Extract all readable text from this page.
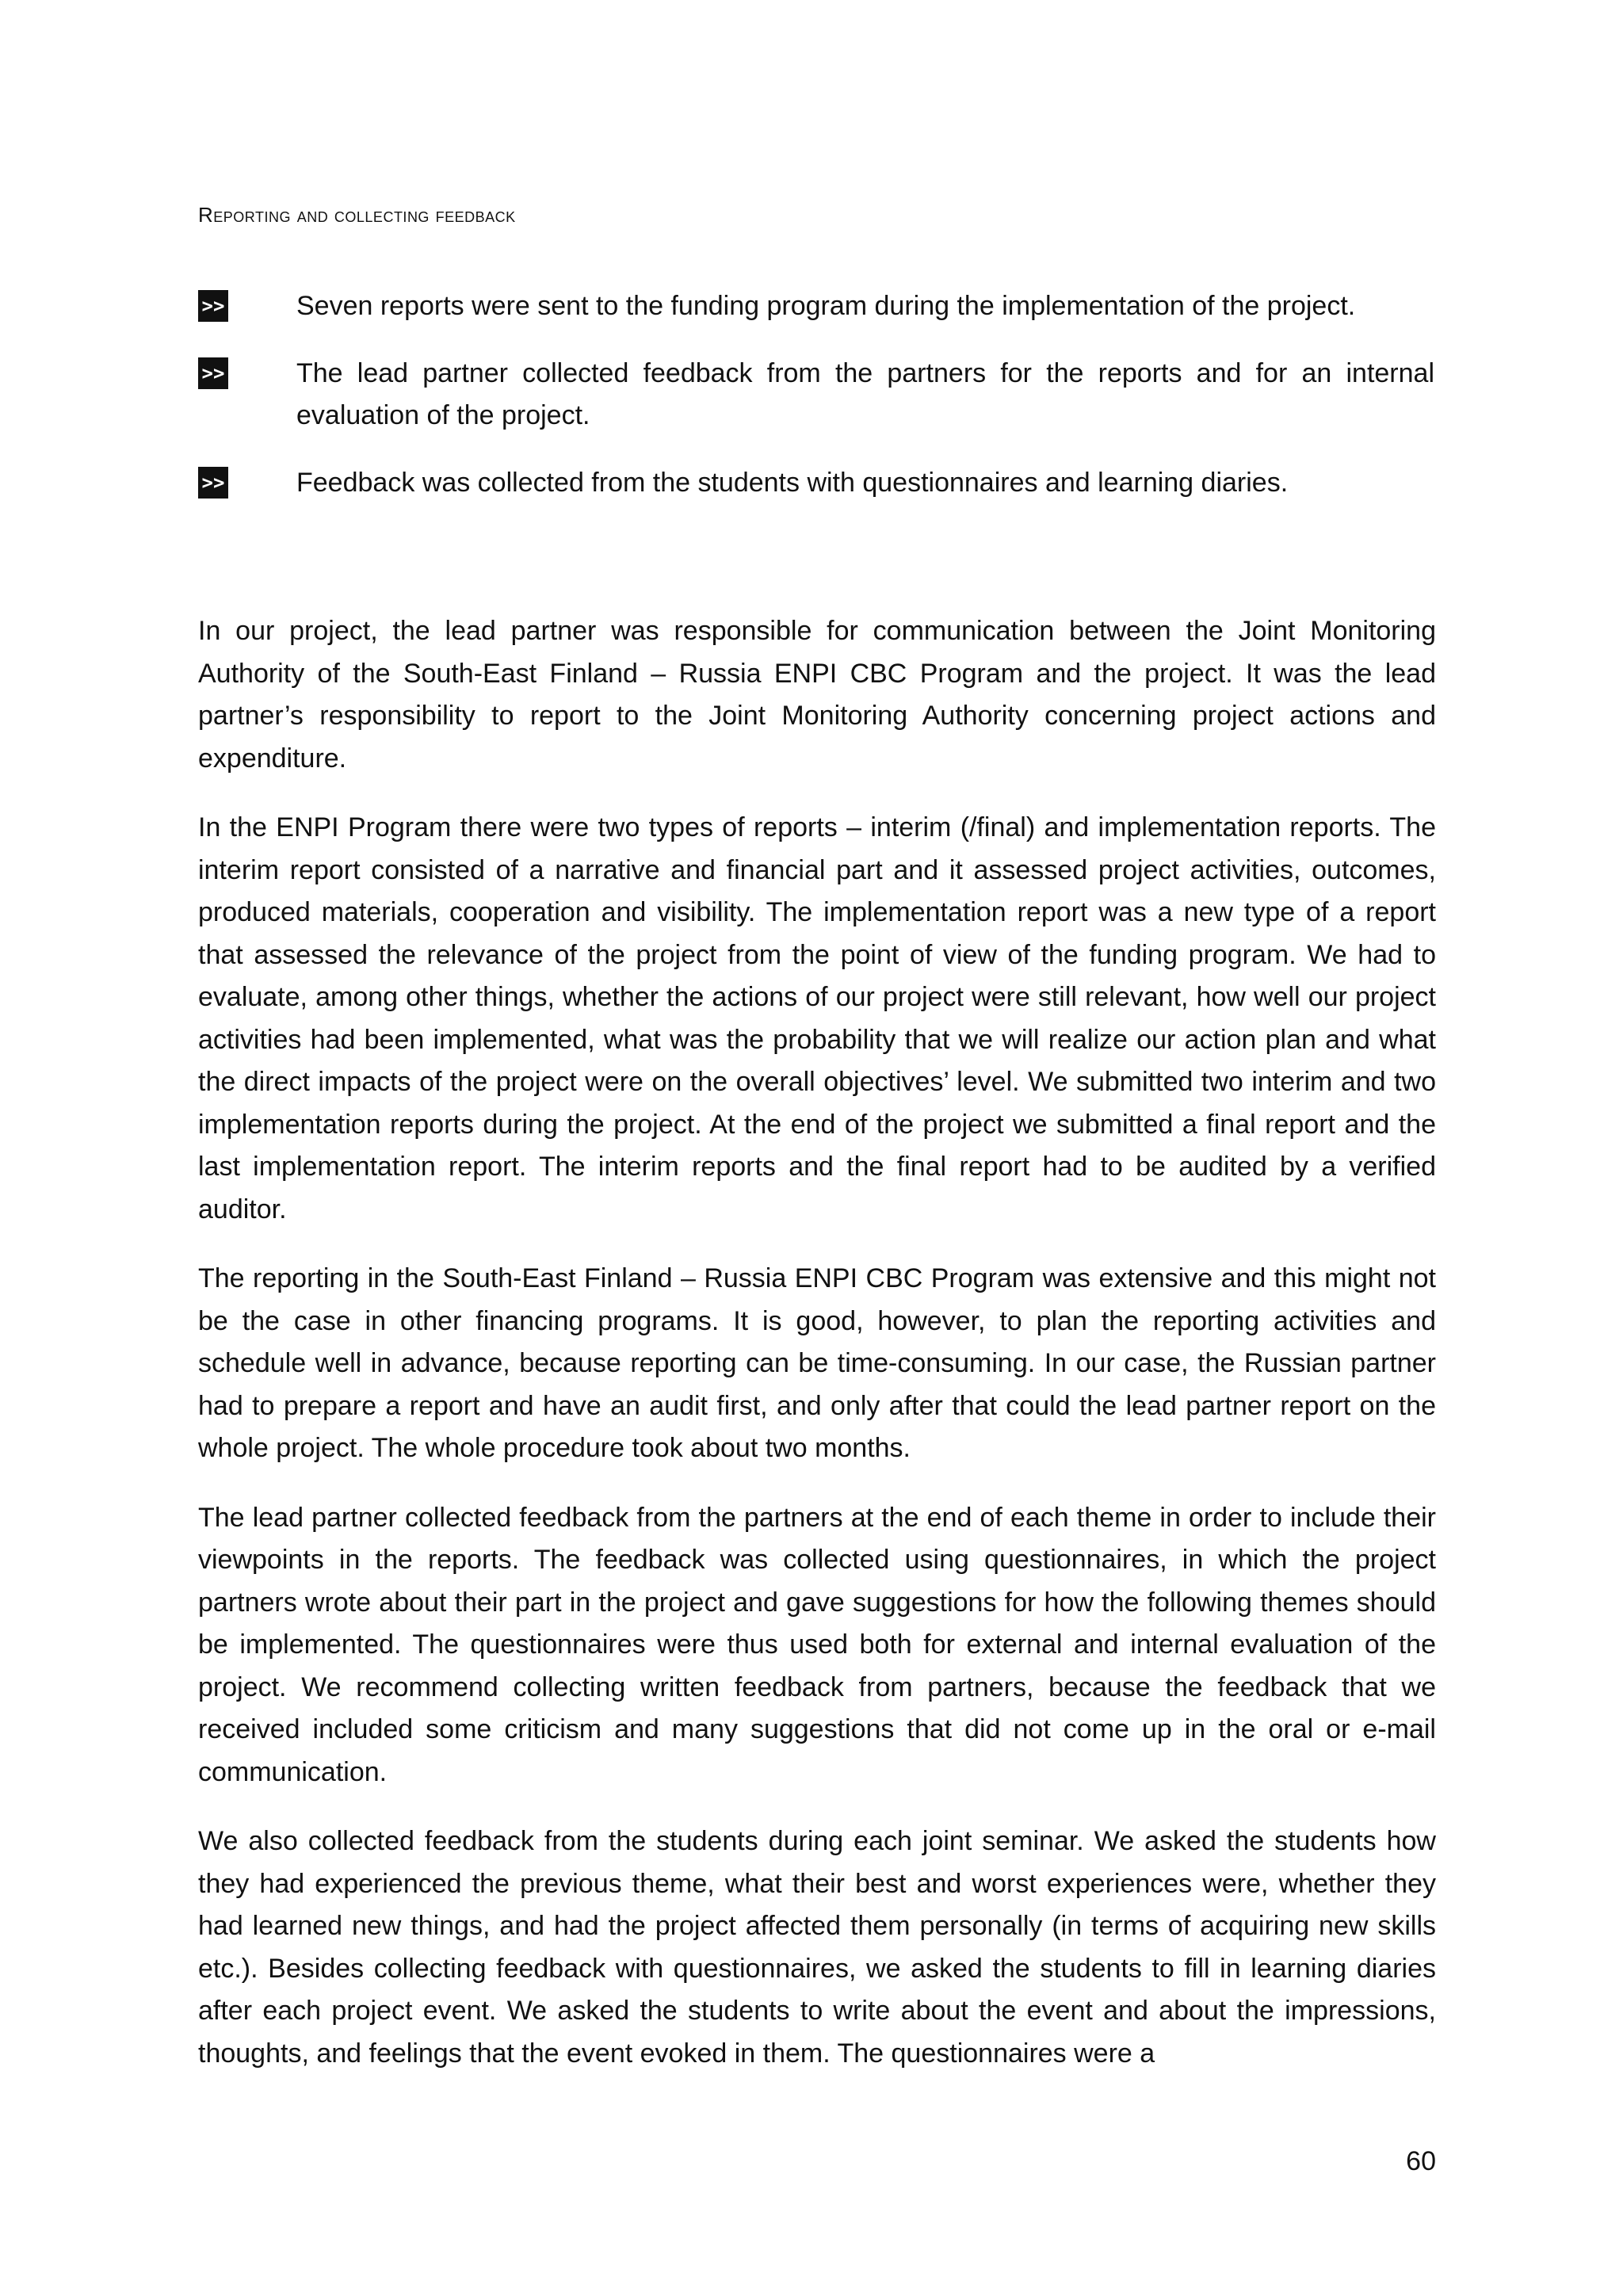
Reporting and collecting feedback
>>	Seven reports were sent to the funding program during the implementation of the project.
>>	The lead partner collected feedback from the partners for the reports and for an internal evaluation of the project.
>>	Feedback was collected from the students with questionnaires and learning diaries.

In our project, the lead partner was responsible for communication between the Joint Monitoring Authority of the South-East Finland – Russia ENPI CBC Program and the project. It was the lead partner’s responsibility to report to the Joint Monitoring Authority concerning project actions and expenditure.

In the ENPI Program there were two types of reports – interim (/final) and implementation reports. The interim report consisted of a narrative and financial part and it assessed project activities, outcomes, produced materials, cooperation and visibility. The implementation report was a new type of a report that assessed the relevance of the project from the point of view of the funding program. We had to evaluate, among other things, whether the actions of our project were still relevant, how well our project activities had been implemented, what was the probability that we will realize our action plan and what the direct impacts of the project were on the overall objectives’ level. We submitted two interim and two implementation reports during the project. At the end of the project we submitted a final report and the last implementation report. The interim reports and the final report had to be audited by a verified auditor.

The reporting in the South-East Finland – Russia ENPI CBC Program was extensive and this might not be the case in other financing programs. It is good, however, to plan the reporting activities and schedule well in advance, because reporting can be time-consuming. In our case, the Russian partner had to prepare a report and have an audit first, and only after that could the lead partner report on the whole project. The whole procedure took about two months.

The lead partner collected feedback from the partners at the end of each theme in order to include their viewpoints in the reports. The feedback was collected using questionnaires, in which the project partners wrote about their part in the project and gave suggestions for how the following themes should be implemented. The questionnaires were thus used both for external and internal evaluation of the project. We recommend collecting written feedback from partners, because the feedback that we received included some criticism and many suggestions that did not come up in the oral or e-mail communication.

We also collected feedback from the students during each joint seminar. We asked the students how they had experienced the previous theme, what their best and worst experiences were, whether they had learned new things, and had the project affected them personally (in terms of acquiring new skills etc.). Besides collecting feedback with questionnaires, we asked the students to fill in learning diaries after each project event. We asked the students to write about the event and about the impressions, thoughts, and feelings that the event evoked in them. The questionnaires were a

60
